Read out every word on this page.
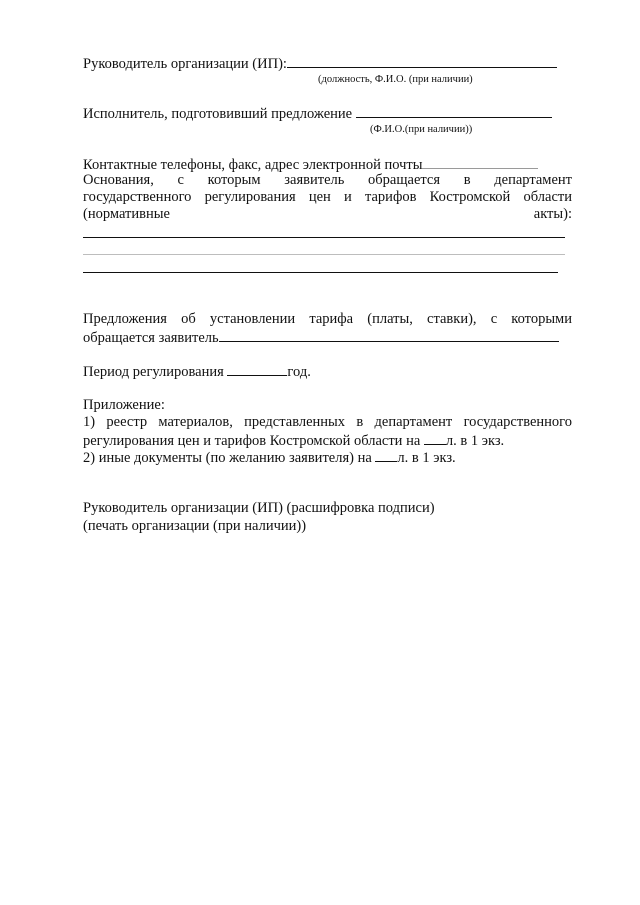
Руководитель организации (ИП):
(должность, Ф.И.О. (при наличии)
Исполнитель, подготовивший предложение
(Ф.И.О.(при наличии))
Контактные телефоны, факс, адрес электронной почты
Основания, с которым заявитель обращается в департамент
государственного регулирования цен и тарифов Костромской области
(нормативные акты):
Предложения об установлении тарифа (платы, ставки), с которыми
обращается заявитель
Период регулирования	год.
Приложение:
1) реестр материалов, представленных в департамент государственного
регулирования цен и тарифов Костромской области на л. в 1 экз.
2) иные документы (по желанию заявителя) на л. в 1 экз.
Руководитель организации (ИП) (расшифровка подписи)
(печать организации (при наличии))
